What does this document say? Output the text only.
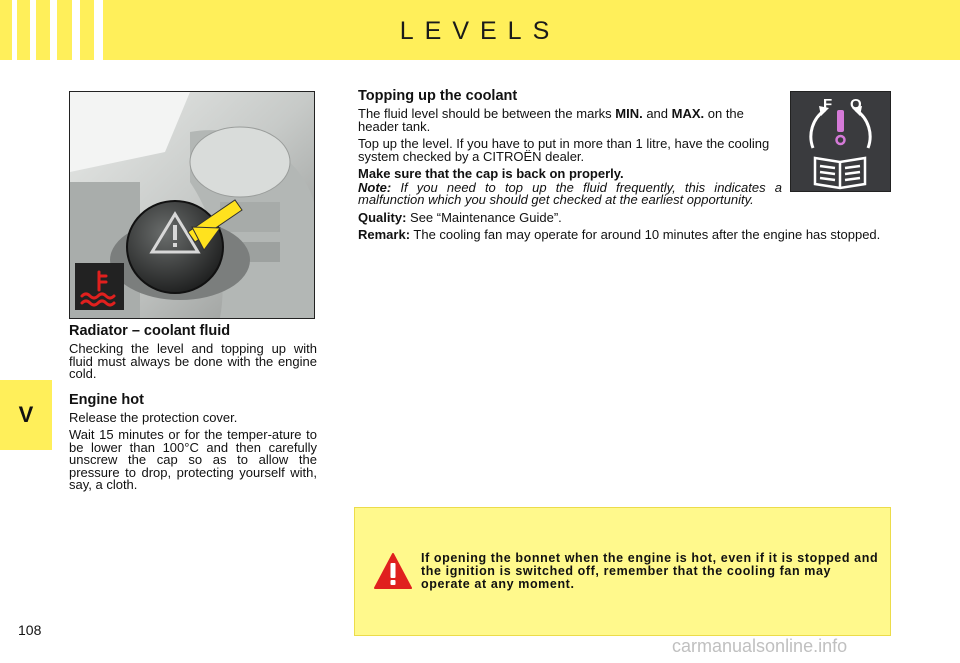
LEVELS
V
Radiator – coolant fluid

Checking the level and topping up with fluid must always be done with the engine cold.

Engine hot

Release the protection cover.

Wait 15 minutes or for the temper-ature to be lower than 100°C and then carefully unscrew the cap so as to allow the pressure to drop, protecting yourself with, say, a cloth.

Topping up the coolant

The fluid level should be between the marks MIN. and MAX. on the header tank.

Top up the level. If you have to put in more than 1 litre, have the cooling system checked by a CITROËN dealer.

Make sure that the cap is back on properly.

Note: If you need to top up the fluid frequently, this indicates a malfunction which you should get checked at the earliest opportunity.

Quality: See “Maintenance Guide”.

Remark: The cooling fan may operate for around 10 minutes after the engine has stopped.

F O
If opening the bonnet when the engine is hot, even if it is stopped and the ignition is switched off, remember that the cooling fan may operate at any moment.
108
carmanualsonline.info
